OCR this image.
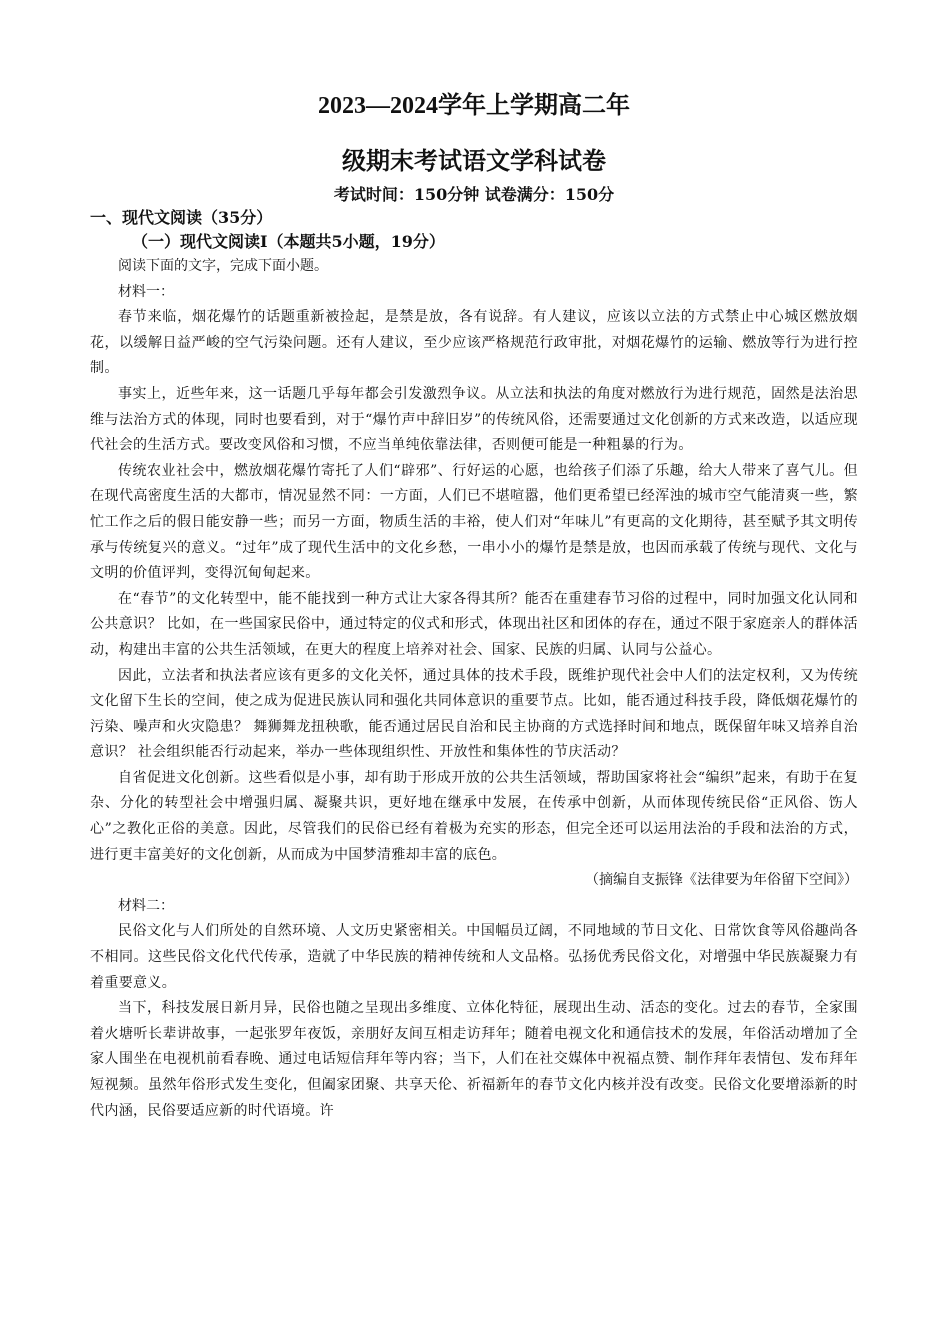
2023—2024学年上学期高二年
级期末考试语文学科试卷
考试时间：150分钟 试卷满分：150分
一、现代文阅读（35分）
（一）现代文阅读Ⅰ（本题共5小题，19分）

阅读下面的文字，完成下面小题。

材料一：

春节来临，烟花爆竹的话题重新被捡起，是禁是放，各有说辞。有人建议，应该以立法的方式禁止中心城区燃放烟花，以缓解日益严峻的空气污染问题。还有人建议，至少应该严格规范行政审批，对烟花爆竹的运输、燃放等行为进行控制。

事实上，近些年来，这一话题几乎每年都会引发激烈争议。从立法和执法的角度对燃放行为进行规范，固然是法治思维与法治方式的体现，同时也要看到，对于“爆竹声中辞旧岁”的传统风俗，还需要通过文化创新的方式来改造，以适应现代社会的生活方式。要改变风俗和习惯，不应当单纯依靠法律，否则便可能是一种粗暴的行为。

传统农业社会中，燃放烟花爆竹寄托了人们“辟邪”、行好运的心愿，也给孩子们添了乐趣，给大人带来了喜气儿。但在现代高密度生活的大都市，情况显然不同：一方面，人们已不堪喧嚣，他们更希望已经浑浊的城市空气能清爽一些，繁忙工作之后的假日能安静一些；而另一方面，物质生活的丰裕，使人们对“年味儿”有更高的文化期待，甚至赋予其文明传承与传统复兴的意义。“过年”成了现代生活中的文化乡愁，一串小小的爆竹是禁是放，也因而承载了传统与现代、文化与文明的价值评判，变得沉甸甸起来。

在“春节”的文化转型中，能不能找到一种方式让大家各得其所？能否在重建春节习俗的过程中，同时加强文化认同和公共意识？ 比如，在一些国家民俗中，通过特定的仪式和形式，体现出社区和团体的存在，通过不限于家庭亲人的群体活动，构建出丰富的公共生活领域，在更大的程度上培养对社会、国家、民族的归属、认同与公益心。

因此，立法者和执法者应该有更多的文化关怀，通过具体的技术手段，既维护现代社会中人们的法定权利，又为传统文化留下生长的空间，使之成为促进民族认同和强化共同体意识的重要节点。比如，能否通过科技手段，降低烟花爆竹的污染、噪声和火灾隐患？ 舞狮舞龙扭秧歌，能否通过居民自治和民主协商的方式选择时间和地点，既保留年味又培养自治意识？ 社会组织能否行动起来，举办一些体现组织性、开放性和集体性的节庆活动？

自省促进文化创新。这些看似是小事，却有助于形成开放的公共生活领域，帮助国家将社会“编织”起来，有助于在复杂、分化的转型社会中增强归属、凝聚共识，更好地在继承中发展，在传承中创新，从而体现传统民俗“正风俗、饬人心”之教化正俗的美意。因此，尽管我们的民俗已经有着极为充实的形态，但完全还可以运用法治的手段和法治的方式，进行更丰富美好的文化创新，从而成为中国梦清雅却丰富的底色。

（摘编自支振锋《法律要为年俗留下空间》）

材料二：

民俗文化与人们所处的自然环境、人文历史紧密相关。中国幅员辽阔，不同地域的节日文化、日常饮食等风俗趣尚各不相同。这些民俗文化代代传承，造就了中华民族的精神传统和人文品格。弘扬优秀民俗文化，对增强中华民族凝聚力有着重要意义。

当下，科技发展日新月异，民俗也随之呈现出多维度、立体化特征，展现出生动、活态的变化。过去的春节，全家围着火塘听长辈讲故事，一起张罗年夜饭，亲朋好友间互相走访拜年；随着电视文化和通信技术的发展，年俗活动增加了全家人围坐在电视机前看春晚、通过电话短信拜年等内容；当下，人们在社交媒体中祝福点赞、制作拜年表情包、发布拜年短视频。虽然年俗形式发生变化，但阖家团聚、共享天伦、祈福新年的春节文化内核并没有改变。民俗文化要增添新的时代内涵，民俗要适应新的时代语境。许
